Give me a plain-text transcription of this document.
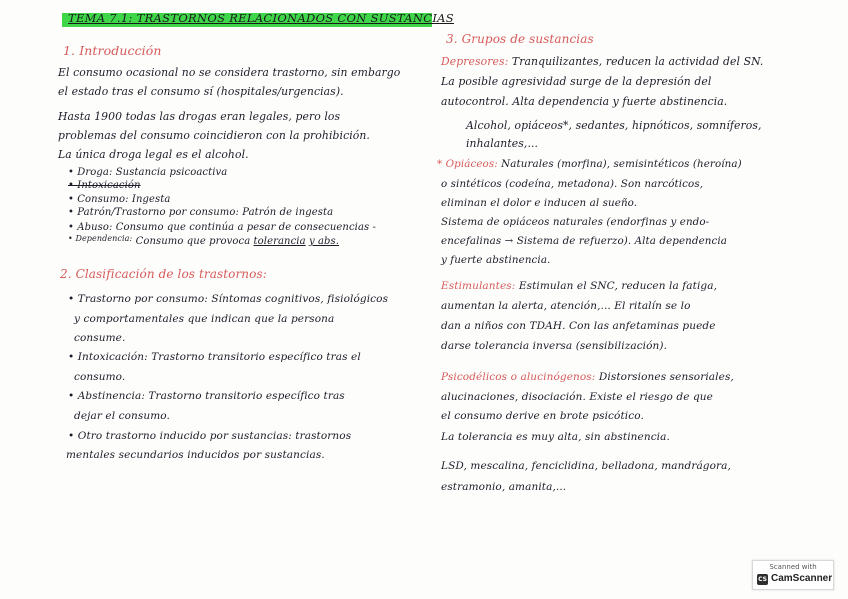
TEMA 7.1: TRASTORNOS RELACIONADOS CON SUSTANCIAS
1. Introducción
El consumo ocasional no se considera trastorno, sin embargo
el estado tras el consumo sí (hospitales/urgencias).
Hasta 1900 todas las drogas eran legales, pero los
problemas del consumo coincidieron con la prohibición.
La única droga legal es el alcohol.
• Droga: Sustancia psicoactiva
• Intoxicación
• Consumo: Ingesta
• Patrón/Trastorno por consumo: Patrón de ingesta
• Abuso: Consumo que continúa a pesar de consecuencias -
$^{• Dependencia:}$ Consumo que provoca tolerancia y abs.
2. Clasificación de los trastornos:
• Trastorno por consumo: Síntomas cognitivos, fisiológicos
y comportamentales que indican que la persona
consume.
• Intoxicación: Trastorno transitorio específico tras el
consumo.
• Abstinencia: Trastorno transitorio específico tras
dejar el consumo.
• Otro trastorno inducido por sustancias: trastornos
mentales secundarios inducidos por sustancias.
3. Grupos de sustancias
Depresores: Tranquilizantes, reducen la actividad del SN.
La posible agresividad surge de la depresión del
autocontrol. Alta dependencia y fuerte abstinencia.
Alcohol, opiáceos*, sedantes, hipnóticos, somníferos,
inhalantes,...
* Opiáceos: Naturales (morfina), semisintéticos (heroína)
o sintéticos (codeína, metadona). Son narcóticos,
eliminan el dolor e inducen al sueño.
Sistema de opiáceos naturales (endorfinas y endo-
encefalinas → Sistema de refuerzo). Alta dependencia
y fuerte abstinencia.
Estimulantes: Estimulan el SNC, reducen la fatiga,
aumentan la alerta, atención,... El ritalín se lo
dan a niños con TDAH. Con las anfetaminas puede
darse tolerancia inversa (sensibilización).
Psicodélicos o alucinógenos: Distorsiones sensoriales,
alucinaciones, disociación. Existe el riesgo de que
el consumo derive en brote psicótico.
La tolerancia es muy alta, sin abstinencia.
LSD, mescalina, fenciclidina, belladona, mandrágora,
estramonio, amanita,...
Scanned with
CS CamScanner
